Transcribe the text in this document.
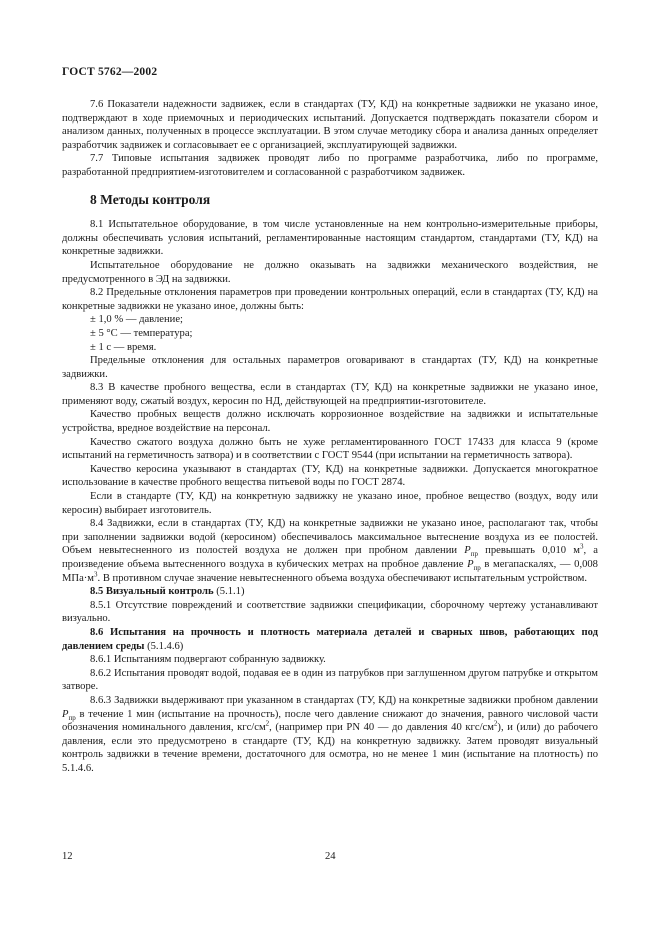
ГОСТ 5762—2002

7.6 Показатели надежности задвижек, если в стандартах (ТУ, КД) на конкретные задвижки не указано иное, подтверждают в ходе приемочных и периодических испытаний. Допускается подтверждать показатели сбором и анализом данных, полученных в процессе эксплуатации. В этом случае методику сбора и анализа данных определяет разработчик задвижек и согласовывает ее с организацией, эксплуатирующей задвижки.

7.7 Типовые испытания задвижек проводят либо по программе разработчика, либо по программе, разработанной предприятием-изготовителем и согласованной с разработчиком задвижек.

8 Методы контроля

8.1 Испытательное оборудование, в том числе установленные на нем контрольно-измерительные приборы, должны обеспечивать условия испытаний, регламентированные настоящим стандартом, стандартами (ТУ, КД) на конкретные задвижки.

Испытательное оборудование не должно оказывать на задвижки механического воздействия, не предусмотренного в ЭД на задвижки.

8.2 Предельные отклонения параметров при проведении контрольных операций, если в стандартах (ТУ, КД) на конкретные задвижки не указано иное, должны быть:

± 1,0 % — давление;

± 5 °С — температура;

± 1 с — время.

Предельные отклонения для остальных параметров оговаривают в стандартах (ТУ, КД) на конкретные задвижки.

8.3 В качестве пробного вещества, если в стандартах (ТУ, КД) на конкретные задвижки не указано иное, применяют воду, сжатый воздух, керосин по НД, действующей на предприятии-изготовителе.

Качество пробных веществ должно исключать коррозионное воздействие на задвижки и испытательные устройства, вредное воздействие на персонал.

Качество сжатого воздуха должно быть не хуже регламентированного ГОСТ 17433 для класса 9 (кроме испытаний на герметичность затвора) и в соответствии с ГОСТ 9544 (при испытании на герметичность затвора).

Качество керосина указывают в стандартах (ТУ, КД) на конкретные задвижки. Допускается многократное использование в качестве пробного вещества питьевой воды по ГОСТ 2874.

Если в стандарте (ТУ, КД) на конкретную задвижку не указано иное, пробное вещество (воздух, воду или керосин) выбирает изготовитель.

8.4 Задвижки, если в стандартах (ТУ, КД) на конкретные задвижки не указано иное, располагают так, чтобы при заполнении задвижки водой (керосином) обеспечивалось максимальное вытеснение воздуха из ее полостей. Объем невытесненного из полостей воздуха не должен при пробном давлении $P_{пр}$ превышать 0,010 $м^3$, а произведение объема вытесненного воздуха в кубических метрах на пробное давление $P_{пр}$ в мегапаскалях, — 0,008 $МПа\cdot м^3$. В противном случае значение невытесненного объема воздуха обеспечивают испытательным устройством.

8.5 Визуальный контроль (5.1.1)

8.5.1 Отсутствие повреждений и соответствие задвижки спецификации, сборочному чертежу устанавливают визуально.

8.6 Испытания на прочность и плотность материала деталей и сварных швов, работающих под давлением среды (5.1.4.6)

8.6.1 Испытаниям подвергают собранную задвижку.

8.6.2 Испытания проводят водой, подавая ее в один из патрубков при заглушенном другом патрубке и открытом затворе.

8.6.3 Задвижки выдерживают при указанном в стандартах (ТУ, КД) на конкретные задвижки пробном давлении $P_{пр}$ в течение 1 мин (испытание на прочность), после чего давление снижают до значения, равного числовой части обозначения номинального давления, кгс/$см^2$, (например при PN 40 — до давления 40 кгс/$см^2$), и (или) до рабочего давления, если это предусмотрено в стандарте (ТУ, КД) на конкретную задвижку. Затем проводят визуальный контроль задвижки в течение времени, достаточного для осмотра, но не менее 1 мин (испытание на плотность) по 5.1.4.6.

12	24
